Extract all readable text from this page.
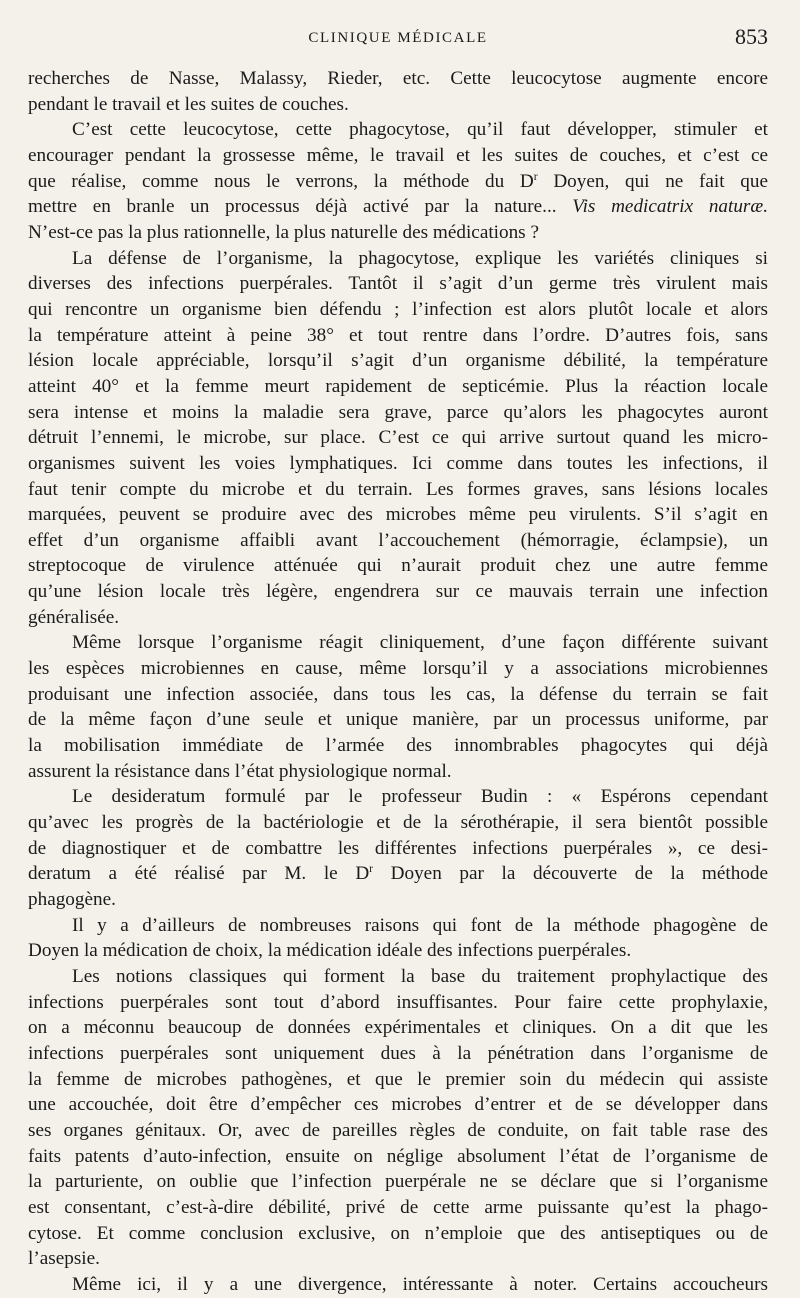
CLINIQUE MÉDICALE	853
recherches de Nasse, Malassy, Rieder, etc. Cette leucocytose augmente encore
pendant le travail et les suites de couches.
C’est cette leucocytose, cette phagocytose, qu’il faut développer, stimuler et
encourager pendant la grossesse même, le travail et les suites de couches, et c’est ce
que réalise, comme nous le verrons, la méthode du $D^r$ Doyen, qui ne fait que
mettre en branle un processus déjà activé par la nature... Vis medicatrix naturæ.
N’est-ce pas la plus rationnelle, la plus naturelle des médications ?
La défense de l’organisme, la phagocytose, explique les variétés cliniques si
diverses des infections puerpérales. Tantôt il s’agit d’un germe très virulent mais
qui rencontre un organisme bien défendu ; l’infection est alors plutôt locale et alors
la température atteint à peine 38° et tout rentre dans l’ordre. D’autres fois, sans
lésion locale appréciable, lorsqu’il s’agit d’un organisme débilité, la température
atteint 40° et la femme meurt rapidement de septicémie. Plus la réaction locale
sera intense et moins la maladie sera grave, parce qu’alors les phagocytes auront
détruit l’ennemi, le microbe, sur place. C’est ce qui arrive surtout quand les micro-
organismes suivent les voies lymphatiques. Ici comme dans toutes les infections, il
faut tenir compte du microbe et du terrain. Les formes graves, sans lésions locales
marquées, peuvent se produire avec des microbes même peu virulents. S’il s’agit en
effet d’un organisme affaibli avant l’accouchement (hémorragie, éclampsie), un
streptocoque de virulence atténuée qui n’aurait produit chez une autre femme
qu’une lésion locale très légère, engendrera sur ce mauvais terrain une infection
généralisée.
Même lorsque l’organisme réagit cliniquement, d’une façon différente suivant
les espèces microbiennes en cause, même lorsqu’il y a associations microbiennes
produisant une infection associée, dans tous les cas, la défense du terrain se fait
de la même façon d’une seule et unique manière, par un processus uniforme, par
la mobilisation immédiate de l’armée des innombrables phagocytes qui déjà
assurent la résistance dans l’état physiologique normal.
Le desideratum formulé par le professeur Budin : « Espérons cependant
qu’avec les progrès de la bactériologie et de la sérothérapie, il sera bientôt possible
de diagnostiquer et de combattre les différentes infections puerpérales », ce desi-
deratum a été réalisé par M. le $D^r$ Doyen par la découverte de la méthode
phagogène.
Il y a d’ailleurs de nombreuses raisons qui font de la méthode phagogène de
Doyen la médication de choix, la médication idéale des infections puerpérales.
Les notions classiques qui forment la base du traitement prophylactique des
infections puerpérales sont tout d’abord insuffisantes. Pour faire cette prophylaxie,
on a méconnu beaucoup de données expérimentales et cliniques. On a dit que les
infections puerpérales sont uniquement dues à la pénétration dans l’organisme de
la femme de microbes pathogènes, et que le premier soin du médecin qui assiste
une accouchée, doit être d’empêcher ces microbes d’entrer et de se développer dans
ses organes génitaux. Or, avec de pareilles règles de conduite, on fait table rase des
faits patents d’auto-infection, ensuite on néglige absolument l’état de l’organisme de
la parturiente, on oublie que l’infection puerpérale ne se déclare que si l’organisme
est consentant, c’est-à-dire débilité, privé de cette arme puissante qu’est la phago-
cytose. Et comme conclusion exclusive, on n’emploie que des antiseptiques ou de
l’asepsie.
Même ici, il y a une divergence, intéressante à noter. Certains accoucheurs
